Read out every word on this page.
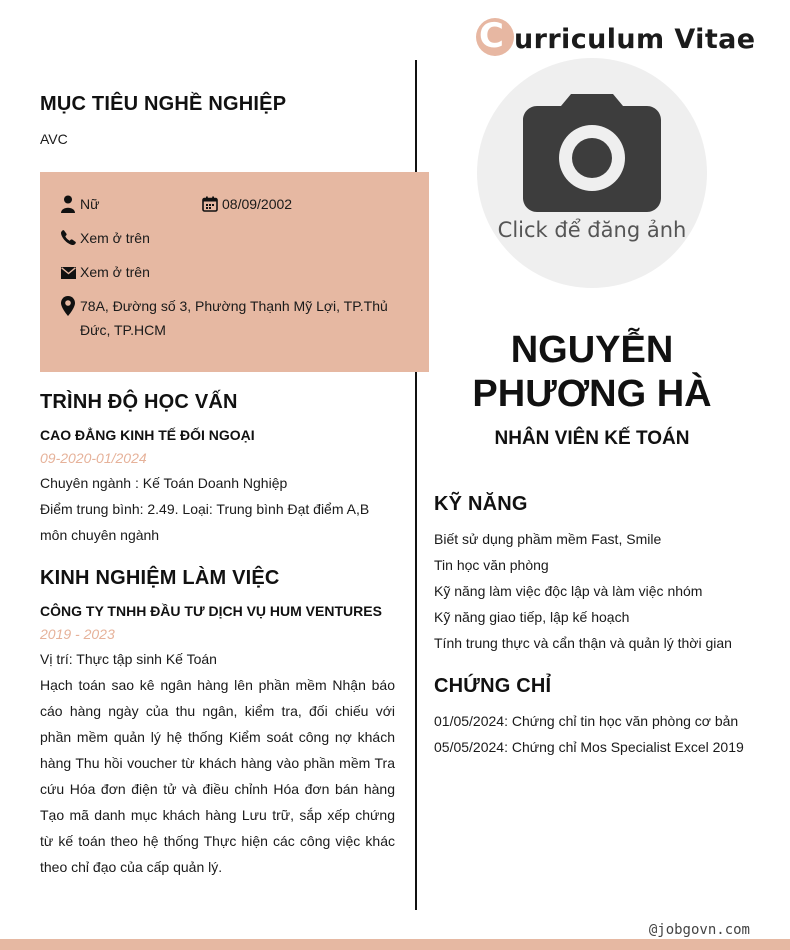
C urriculum Vitae
MỤC TIÊU NGHỀ NGHIỆP
AVC
Nữ	08/09/2002
Xem ở trên
Xem ở trên
78A, Đường số 3, Phường Thạnh Mỹ Lợi, TP.Thủ Đức, TP.HCM
TRÌNH ĐỘ HỌC VẤN
CAO ĐẲNG KINH TẾ ĐỐI NGOẠI
09-2020-01/2024
Chuyên ngành : Kế Toán Doanh Nghiệp
Điểm trung bình: 2.49. Loại: Trung bình Đạt điểm A,B môn chuyên ngành
KINH NGHIỆM LÀM VIỆC
CÔNG TY TNHH ĐẦU TƯ DỊCH VỤ HUM VENTURES
2019 - 2023
Vị trí: Thực tập sinh Kế Toán
Hạch toán sao kê ngân hàng lên phần mềm Nhận báo cáo hàng ngày của thu ngân, kiểm tra, đối chiếu với phần mềm quản lý hệ thống Kiểm soát công nợ khách hàng Thu hồi voucher từ khách hàng vào phần mềm Tra cứu Hóa đơn điện tử và điều chỉnh Hóa đơn bán hàng Tạo mã danh mục khách hàng Lưu trữ, sắp xếp chứng từ kế toán theo hệ thống Thực hiện các công việc khác theo chỉ đạo của cấp quản lý.
Click để đăng ảnh
NGUYỄN
PHƯƠNG HÀ
NHÂN VIÊN KẾ TOÁN
KỸ NĂNG
Biết sử dụng phầm mềm Fast, Smile
Tin học văn phòng
Kỹ năng làm việc độc lập và làm việc nhóm
Kỹ năng giao tiếp, lập kế hoạch
Tính trung thực và cẩn thận và quản lý thời gian
CHỨNG CHỈ
01/05/2024: Chứng chỉ tin học văn phòng cơ bản
05/05/2024: Chứng chỉ Mos Specialist Excel 2019
@jobgovn.com
